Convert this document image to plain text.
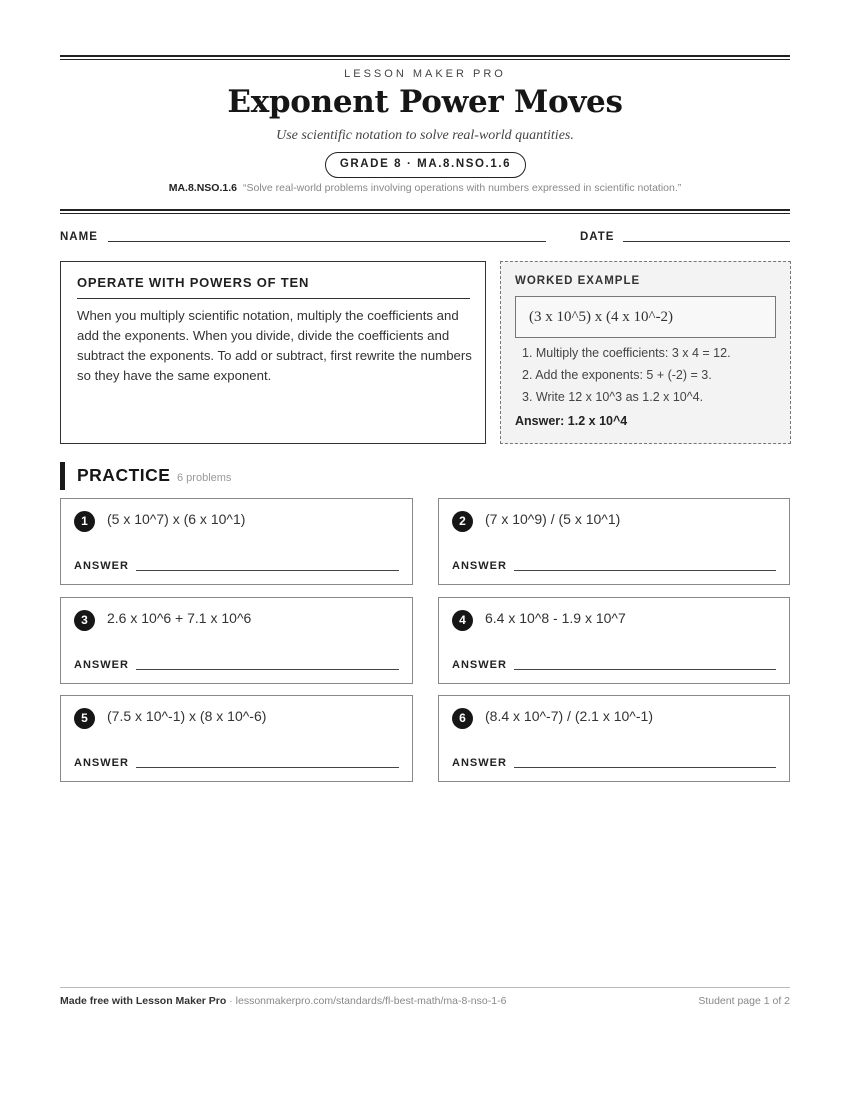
LESSON MAKER PRO
Exponent Power Moves
Use scientific notation to solve real-world quantities.
GRADE 8 · MA.8.NSO.1.6
MA.8.NSO.1.6 “Solve real-world problems involving operations with numbers expressed in scientific notation.”
NAME	DATE
OPERATE WITH POWERS OF TEN
When you multiply scientific notation, multiply the coefficients and add the exponents. When you divide, divide the coefficients and subtract the exponents. To add or subtract, first rewrite the numbers so they have the same exponent.
WORKED EXAMPLE
(3 x 10^5) x (4 x 10^-2)
1. Multiply the coefficients: 3 x 4 = 12.
2. Add the exponents: 5 + (-2) = 3.
3. Write 12 x 10^3 as 1.2 x 10^4.
Answer: 1.2 x 10^4
PRACTICE 6 problems
1	(5 x 10^7) x (6 x 10^1)
ANSWER
2	(7 x 10^9) / (5 x 10^1)
ANSWER
3	2.6 x 10^6 + 7.1 x 10^6
ANSWER
4	6.4 x 10^8 - 1.9 x 10^7
ANSWER
5	(7.5 x 10^-1) x (8 x 10^-6)
ANSWER
6	(8.4 x 10^-7) / (2.1 x 10^-1)
ANSWER
Made free with Lesson Maker Pro · lessonmakerpro.com/standards/fl-best-math/ma-8-nso-1-6	Student page 1 of 2
